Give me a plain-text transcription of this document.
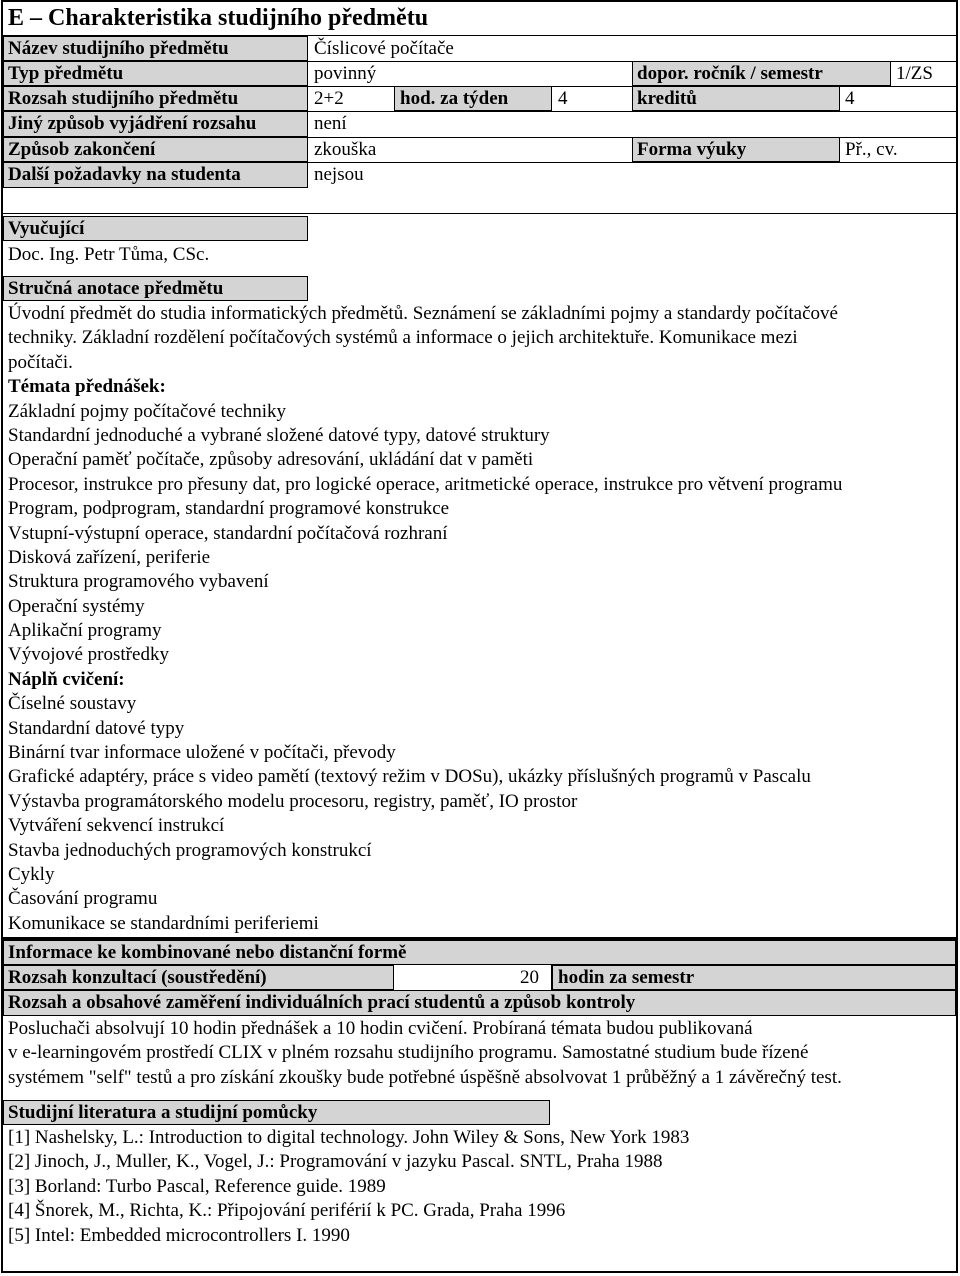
E – Charakteristika studijního předmětu
Název studijního předmětu	Číslicové počítače
Typ předmětu	povinný	dopor. ročník / semestr	1/ZS
Rozsah studijního předmětu	2+2	hod. za týden	4	kreditů	4
Jiný způsob vyjádření rozsahu	není
Způsob zakončení	zkouška	Forma výuky	Př., cv.
Další požadavky na studenta	nejsou
Vyučující
Doc. Ing. Petr Tůma, CSc.
Stručná anotace předmětu
Úvodní předmět do studia informatických předmětů. Seznámení se základními pojmy a standardy počítačové
techniky. Základní rozdělení počítačových systémů a informace o jejich architektuře. Komunikace mezi
počítači.
Témata přednášek:
Základní pojmy počítačové techniky
Standardní jednoduché a vybrané složené datové typy, datové struktury
Operační paměť počítače, způsoby adresování, ukládání dat v paměti
Procesor, instrukce pro přesuny dat, pro logické operace, aritmetické operace, instrukce pro větvení programu
Program, podprogram, standardní programové konstrukce
Vstupní-výstupní operace, standardní počítačová rozhraní
Disková zařízení, periferie
Struktura programového vybavení
Operační systémy
Aplikační programy
Vývojové prostředky
Náplň cvičení:
Číselné soustavy
Standardní datové typy
Binární tvar informace uložené v počítači, převody
Grafické adaptéry, práce s video pamětí (textový režim v DOSu), ukázky příslušných programů v Pascalu
Výstavba programátorského modelu procesoru, registry, paměť, IO prostor
Vytváření sekvencí instrukcí
Stavba jednoduchých programových konstrukcí
Cykly
Časování programu
Komunikace se standardními periferiemi
Informace ke kombinované nebo distanční formě
Rozsah konzultací (soustředění)	20 hodin za semestr
Rozsah a obsahové zaměření individuálních prací studentů a způsob kontroly
Posluchači absolvují 10 hodin přednášek a 10 hodin cvičení. Probíraná témata budou publikovaná
v e-learningovém prostředí CLIX v plném rozsahu studijního programu. Samostatné studium bude řízené
systémem "self" testů a pro získání zkoušky bude potřebné úspěšně absolvovat 1 průběžný a 1 závěrečný test.
Studijní literatura a studijní pomůcky
[1] Nashelsky, L.: Introduction to digital technology. John Wiley & Sons, New York 1983
[2] Jinoch, J., Muller, K., Vogel, J.: Programování v jazyku Pascal. SNTL, Praha 1988
[3] Borland: Turbo Pascal, Reference guide. 1989
[4] Šnorek, M., Richta, K.: Připojování periférií k PC. Grada, Praha 1996
[5] Intel: Embedded microcontrollers I. 1990
